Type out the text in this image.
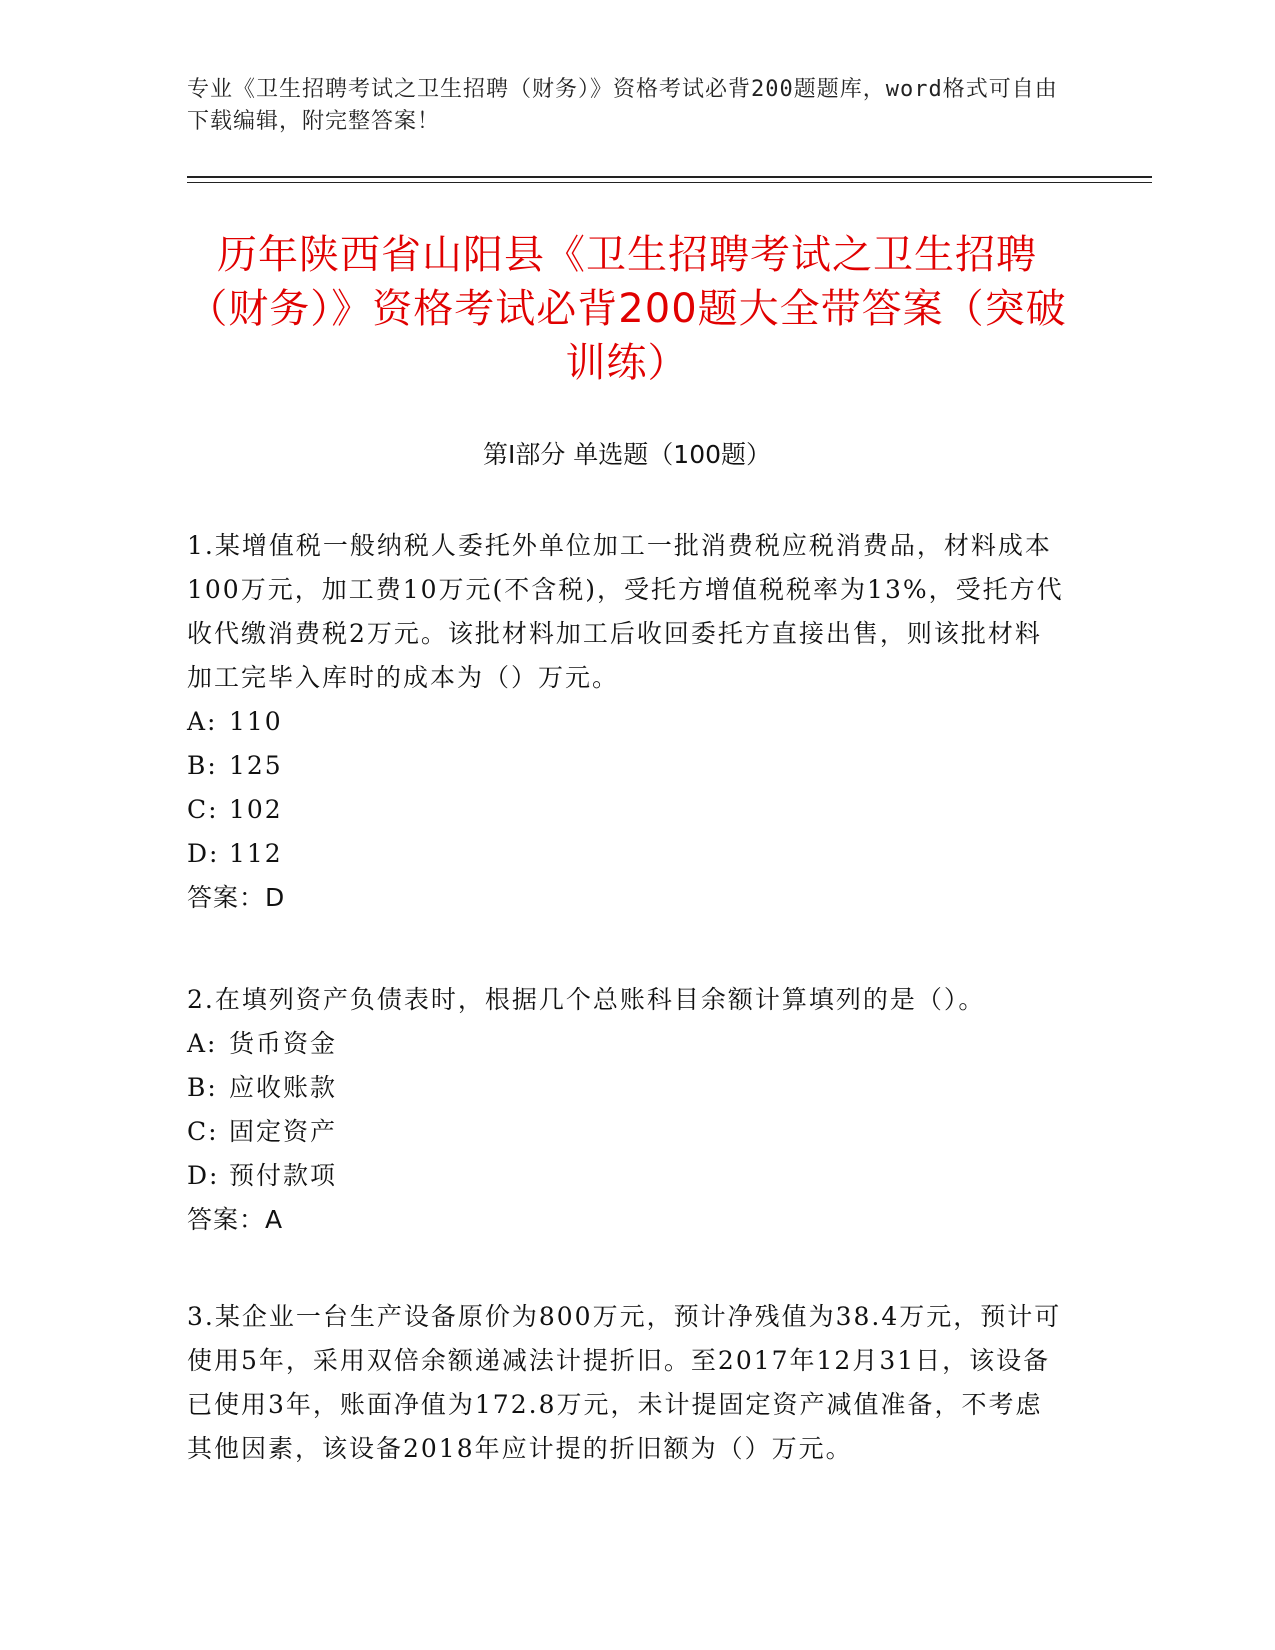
专业《卫生招聘考试之卫生招聘（财务）》资格考试必背200题题库，word格式可自由下载编辑，附完整答案！
历年陕西省山阳县《卫生招聘考试之卫生招聘（财务）》资格考试必背200题大全带答案（突破训练）
第Ⅰ部分 单选题（100题）

1.某增值税一般纳税人委托外单位加工一批消费税应税消费品，材料成本100万元，加工费10万元(不含税)，受托方增值税税率为13%，受托方代收代缴消费税2万元。该批材料加工后收回委托方直接出售，则该批材料加工完毕入库时的成本为（）万元。

A: 110

B: 125

C: 102

D: 112

答案：D

2.在填列资产负债表时，根据几个总账科目余额计算填列的是（）。

A: 货币资金

B: 应收账款

C: 固定资产

D: 预付款项

答案：A

3.某企业一台生产设备原价为800万元，预计净残值为38.4万元，预计可使用5年，采用双倍余额递减法计提折旧。至2017年12月31日，该设备已使用3年，账面净值为172.8万元，未计提固定资产减值准备，不考虑其他因素，该设备2018年应计提的折旧额为（）万元。
